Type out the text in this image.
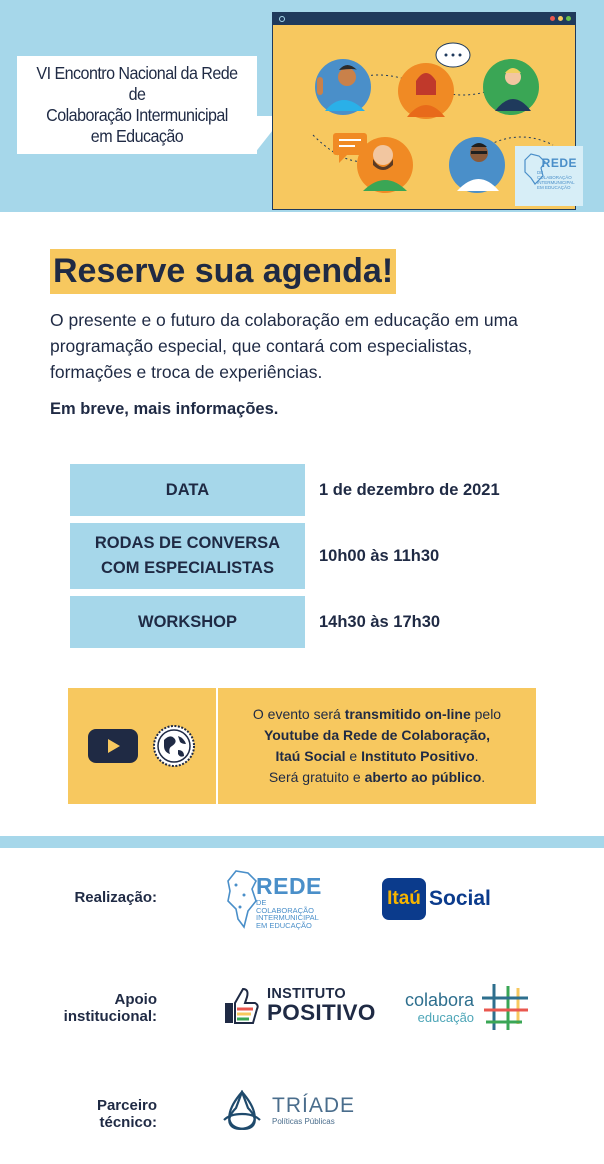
VI Encontro Nacional da Rede de
Colaboração Intermunicipal
em Educação
REDE
DE COLABORAÇÃO
INTERMUNICIPAL
EM EDUCAÇÃO
Reserve sua agenda!
O presente e o futuro da colaboração em educação em uma
programação especial, que contará com especialistas,
formações e troca de experiências.
Em breve, mais informações.
DATA	1 de dezembro de 2021
RODAS DE CONVERSA
COM ESPECIALISTAS
10h00 às 11h30
WORKSHOP	14h30 às 17h30
O evento será transmitido on-line pelo
Youtube da Rede de Colaboração,
Itaú Social e Instituto Positivo.
Será gratuito e aberto ao público.
Realização:	REDE
DE COLABORAÇÃO
INTERMUNICIPAL
EM EDUCAÇÃO
Itaú Social
Apoio
institucional:
INSTITUTO
POSITIVO colabora
educação
Parceiro
técnico:
TRÍADE
Políticas Públicas
